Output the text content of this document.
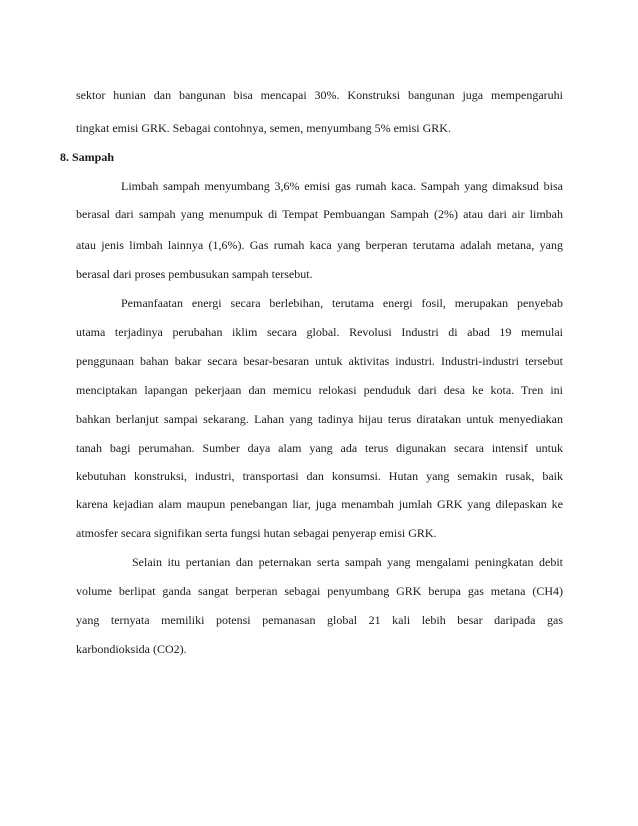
sektor hunian dan bangunan bisa mencapai 30%. Konstruksi bangunan juga mempengaruhi
tingkat emisi GRK. Sebagai contohnya, semen, menyumbang 5% emisi GRK.
8. Sampah
Limbah sampah menyumbang 3,6% emisi gas rumah kaca. Sampah yang dimaksud bisa
berasal dari sampah yang menumpuk di Tempat Pembuangan Sampah (2%) atau dari air limbah
atau jenis limbah lainnya (1,6%). Gas rumah kaca yang berperan terutama adalah metana, yang
berasal dari proses pembusukan sampah tersebut.
Pemanfaatan energi secara berlebihan, terutama energi fosil, merupakan penyebab
utama terjadinya perubahan iklim secara global. Revolusi Industri di abad 19 memulai
penggunaan bahan bakar secara besar-besaran untuk aktivitas industri. Industri-industri tersebut
menciptakan lapangan pekerjaan dan memicu relokasi penduduk dari desa ke kota. Tren ini
bahkan berlanjut sampai sekarang. Lahan yang tadinya hijau terus diratakan untuk menyediakan
tanah bagi perumahan. Sumber daya alam yang ada terus digunakan secara intensif untuk
kebutuhan konstruksi, industri, transportasi dan konsumsi. Hutan yang semakin rusak, baik
karena kejadian alam maupun penebangan liar, juga menambah jumlah GRK yang dilepaskan ke
atmosfer secara signifikan serta fungsi hutan sebagai penyerap emisi GRK.
Selain itu pertanian dan peternakan serta sampah yang mengalami peningkatan debit
volume berlipat ganda sangat berperan sebagai penyumbang GRK berupa gas metana (CH4)
yang ternyata memiliki potensi pemanasan global 21 kali lebih besar daripada gas
karbondioksida (CO2).
